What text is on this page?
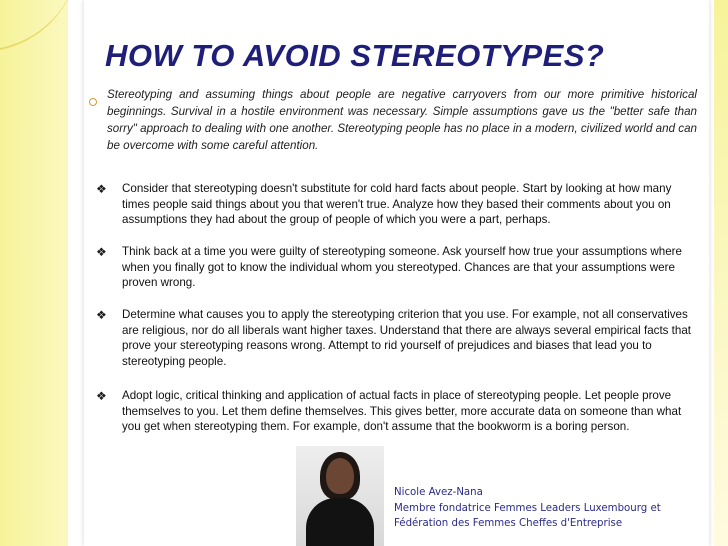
HOW TO AVOID STEREOTYPES?

Stereotyping and assuming things about people are negative carryovers from our more primitive historical beginnings. Survival in a hostile environment was necessary. Simple assumptions gave us the "better safe than sorry" approach to dealing with one another. Stereotyping people has no place in a modern, civilized world and can be overcome with some careful attention.

❖ Consider that stereotyping doesn't substitute for cold hard facts about people. Start by looking at how many times people said things about you that weren't true. Analyze how they based their comments about you on assumptions they had about the group of people of which you were a part, perhaps.

❖ Think back at a time you were guilty of stereotyping someone. Ask yourself how true your assumptions where when you finally got to know the individual whom you stereotyped. Chances are that your assumptions were proven wrong.

❖ Determine what causes you to apply the stereotyping criterion that you use. For example, not all conservatives are religious, nor do all liberals want higher taxes. Understand that there are always several empirical facts that prove your stereotyping reasons wrong. Attempt to rid yourself of prejudices and biases that lead you to stereotyping people.

❖ Adopt logic, critical thinking and application of actual facts in place of stereotyping people. Let people prove themselves to you. Let them define themselves. This gives better, more accurate data on someone than what you get when stereotyping them. For example, don't assume that the bookworm is a boring person.

Nicole Avez-Nana
Membre fondatrice Femmes Leaders Luxembourg et
Fédération des Femmes Cheffes d'Entreprise
